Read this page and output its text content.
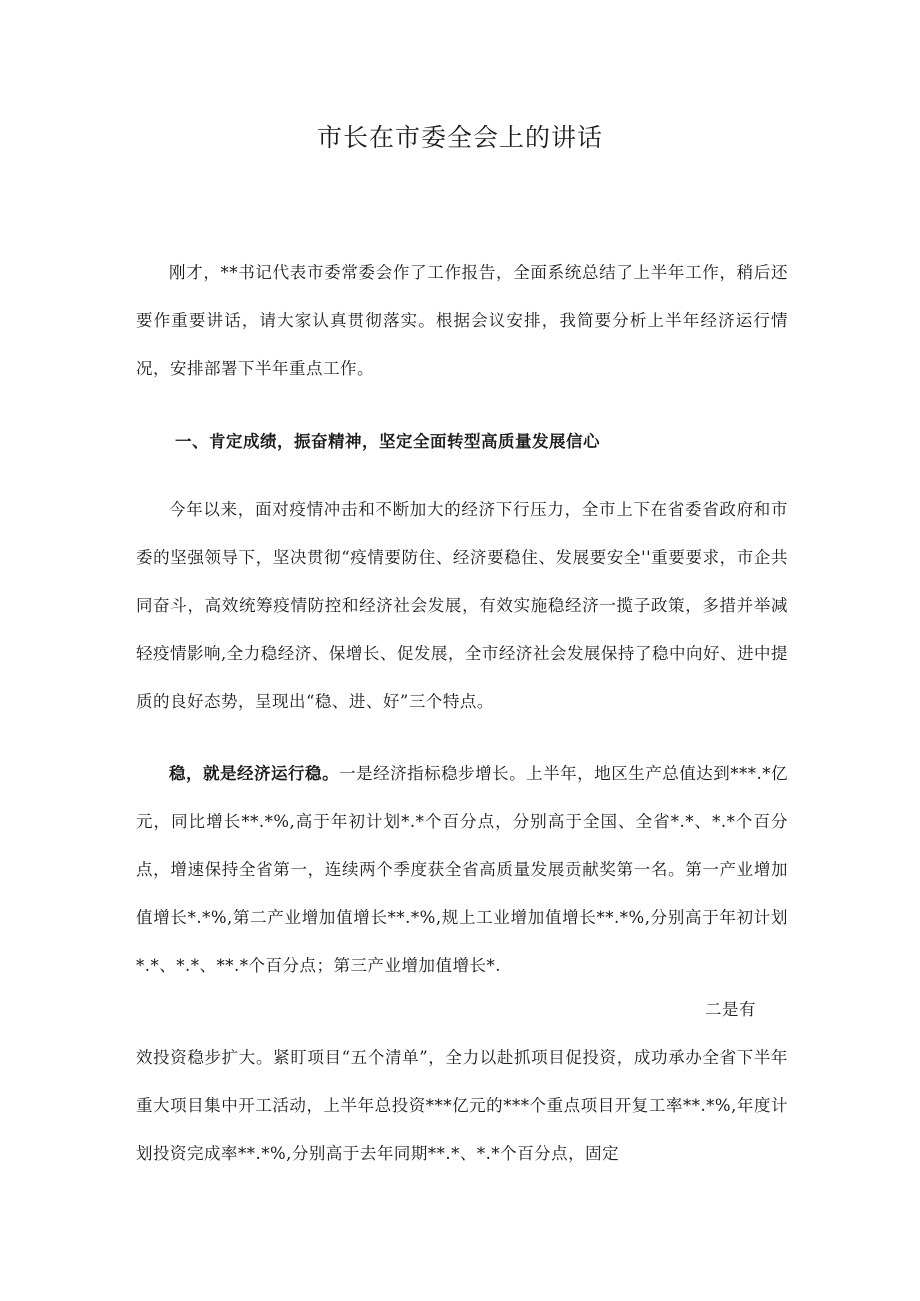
市长在市委全会上的讲话

刚才，**书记代表市委常委会作了工作报告，全面系统总结了上半年工作，稍后还要作重要讲话，请大家认真贯彻落实。根据会议安排，我简要分析上半年经济运行情况，安排部署下半年重点工作。

一、肯定成绩，振奋精神，坚定全面转型高质量发展信心

今年以来，面对疫情冲击和不断加大的经济下行压力，全市上下在省委省政府和市委的坚强领导下，坚决贯彻“疫情要防住、经济要稳住、发展要安全''重要要求，市企共同奋斗，高效统筹疫情防控和经济社会发展，有效实施稳经济一揽子政策，多措并举减轻疫情影响,全力稳经济、保增长、促发展，全市经济社会发展保持了稳中向好、进中提质的良好态势，呈现出“稳、进、好”三个特点。

稳，就是经济运行稳。一是经济指标稳步增长。上半年，地区生产总值达到***.*亿元，同比增长**.*%,高于年初计划*.*个百分点，分别高于全国、全省*.*、*.*个百分点，增速保持全省第一，连续两个季度获全省高质量发展贡献奖第一名。第一产业增加值增长*.*%,第二产业增加值增长**.*%,规上工业增加值增长**.*%,分别高于年初计划*.*、*.*、**.*个百分点；第三产业增加值增长*.

二是有

效投资稳步扩大。紧盯项目“五个清单”，全力以赴抓项目促投资，成功承办全省下半年重大项目集中开工活动，上半年总投资***亿元的***个重点项目开复工率**.*%,年度计划投资完成率**.*%,分别高于去年同期**.*、*.*个百分点，固定
